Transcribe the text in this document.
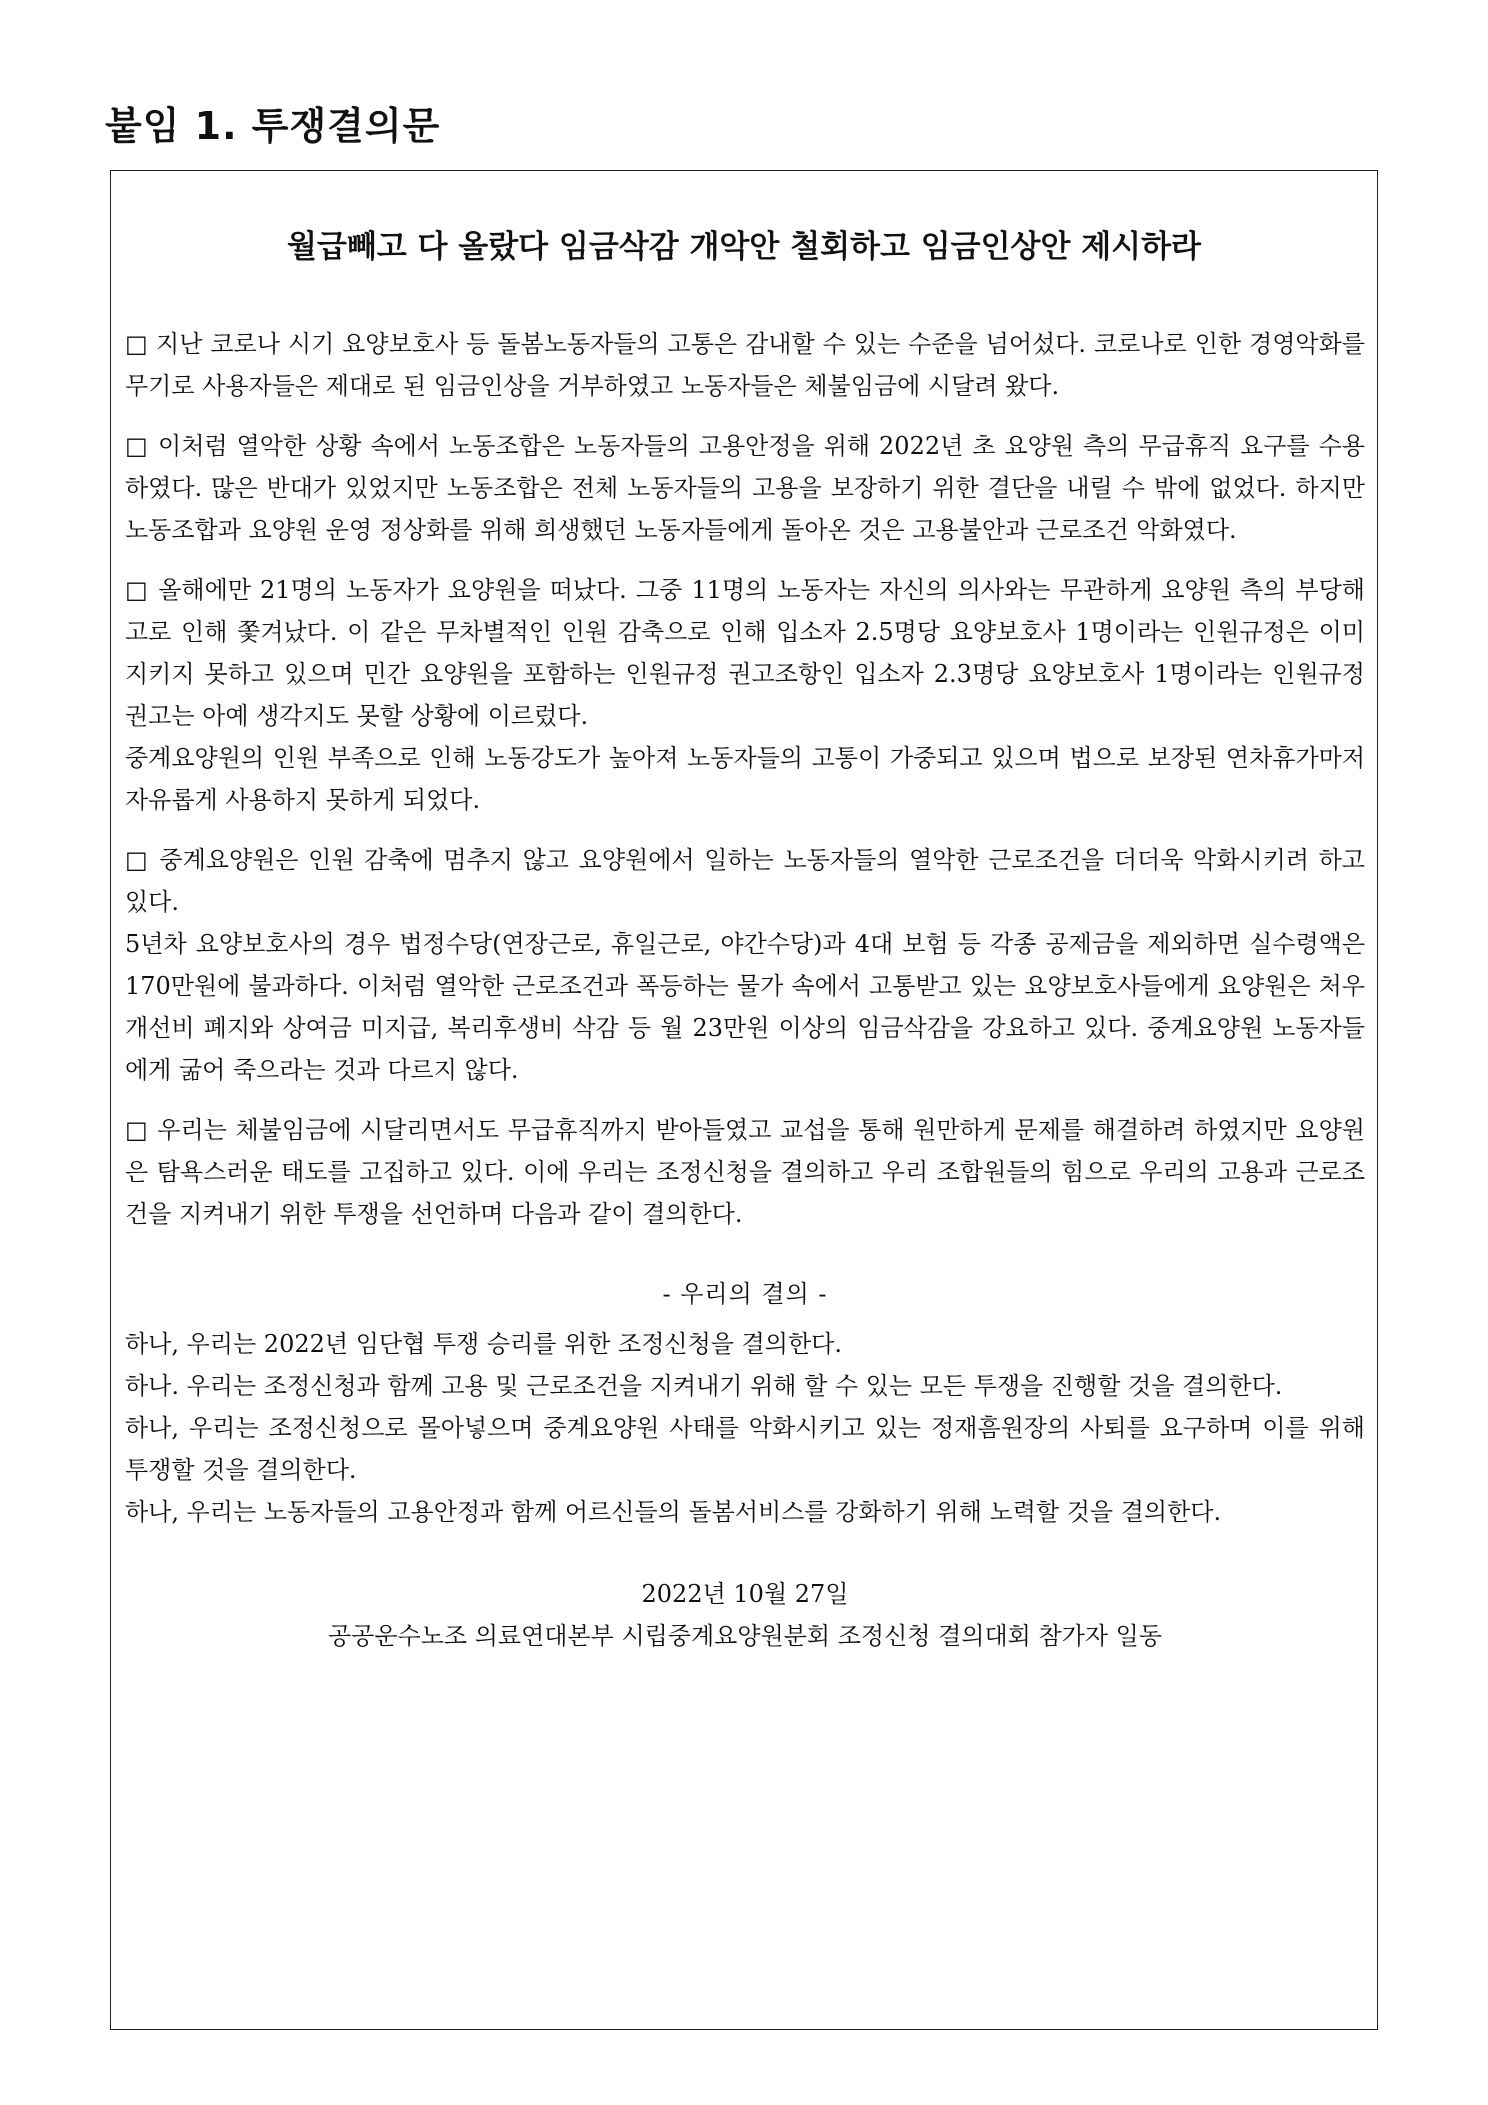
붙임 1. 투쟁결의문
월급빼고 다 올랐다 임금삭감 개악안 철회하고 임금인상안 제시하라

□ 지난 코로나 시기 요양보호사 등 돌봄노동자들의 고통은 감내할 수 있는 수준을 넘어섰다. 코로나로 인한 경영악화를 무기로 사용자들은 제대로 된 임금인상을 거부하였고 노동자들은 체불임금에 시달려 왔다.

□ 이처럼 열악한 상황 속에서 노동조합은 노동자들의 고용안정을 위해 2022년 초 요양원 측의 무급휴직 요구를 수용하였다. 많은 반대가 있었지만 노동조합은 전체 노동자들의 고용을 보장하기 위한 결단을 내릴 수 밖에 없었다. 하지만 노동조합과 요양원 운영 정상화를 위해 희생했던 노동자들에게 돌아온 것은 고용불안과 근로조건 악화였다.

□ 올해에만 21명의 노동자가 요양원을 떠났다. 그중 11명의 노동자는 자신의 의사와는 무관하게 요양원 측의 부당해고로 인해 쫓겨났다. 이 같은 무차별적인 인원 감축으로 인해 입소자 2.5명당 요양보호사 1명이라는 인원규정은 이미 지키지 못하고 있으며 민간 요양원을 포함하는 인원규정 권고조항인 입소자 2.3명당 요양보호사 1명이라는 인원규정 권고는 아예 생각지도 못할 상황에 이르렀다.
중계요양원의 인원 부족으로 인해 노동강도가 높아져 노동자들의 고통이 가중되고 있으며 법으로 보장된 연차휴가마저 자유롭게 사용하지 못하게 되었다.

□ 중계요양원은 인원 감축에 멈추지 않고 요양원에서 일하는 노동자들의 열악한 근로조건을 더더욱 악화시키려 하고 있다.
5년차 요양보호사의 경우 법정수당(연장근로, 휴일근로, 야간수당)과 4대 보험 등 각종 공제금을 제외하면 실수령액은 170만원에 불과하다. 이처럼 열악한 근로조건과 폭등하는 물가 속에서 고통받고 있는 요양보호사들에게 요양원은 처우개선비 폐지와 상여금 미지급, 복리후생비 삭감 등 월 23만원 이상의 임금삭감을 강요하고 있다. 중계요양원 노동자들에게 굶어 죽으라는 것과 다르지 않다.

□ 우리는 체불임금에 시달리면서도 무급휴직까지 받아들였고 교섭을 통해 원만하게 문제를 해결하려 하였지만 요양원은 탐욕스러운 태도를 고집하고 있다. 이에 우리는 조정신청을 결의하고 우리 조합원들의 힘으로 우리의 고용과 근로조건을 지켜내기 위한 투쟁을 선언하며 다음과 같이 결의한다.

- 우리의 결의 -

하나, 우리는 2022년 임단협 투쟁 승리를 위한 조정신청을 결의한다.

하나. 우리는 조정신청과 함께 고용 및 근로조건을 지켜내기 위해 할 수 있는 모든 투쟁을 진행할 것을 결의한다.

하나, 우리는 조정신청으로 몰아넣으며 중계요양원 사태를 악화시키고 있는 정재흠원장의 사퇴를 요구하며 이를 위해 투쟁할 것을 결의한다.

하나, 우리는 노동자들의 고용안정과 함께 어르신들의 돌봄서비스를 강화하기 위해 노력할 것을 결의한다.

2022년 10월 27일

공공운수노조 의료연대본부 시립중계요양원분회 조정신청 결의대회 참가자 일동
